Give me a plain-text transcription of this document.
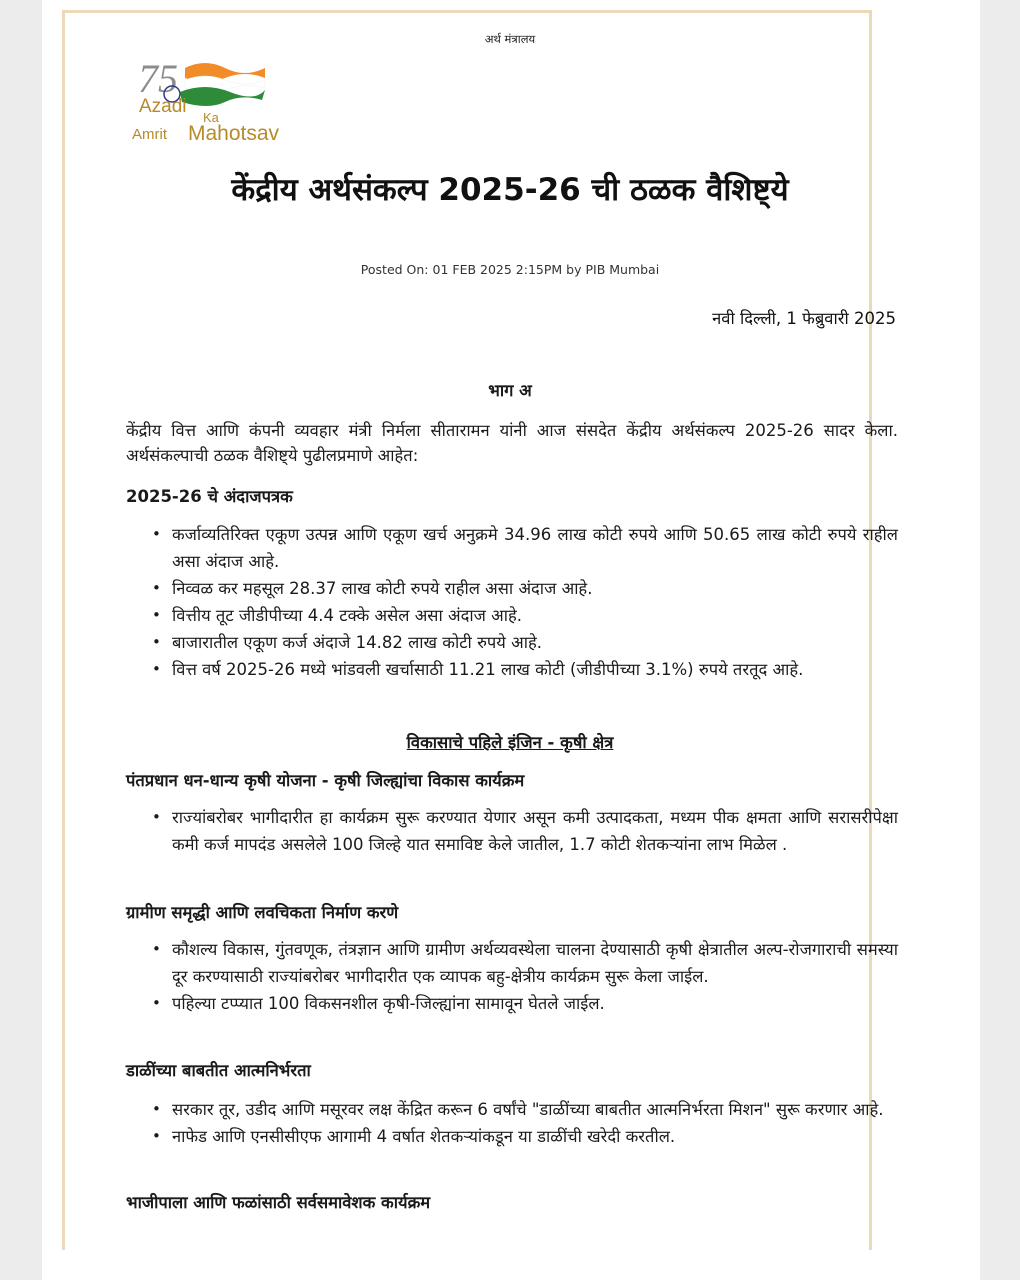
अर्थ मंत्रालय
75
Azadi
Ka
Amrit Mahotsav
केंद्रीय अर्थसंकल्प 2025-26 ची ठळक वैशिष्ट्ये
Posted On: 01 FEB 2025 2:15PM by PIB Mumbai
नवी दिल्ली, 1 फेब्रुवारी 2025
भाग अ
केंद्रीय वित्त आणि कंपनी व्यवहार मंत्री निर्मला सीतारामन यांनी आज संसदेत केंद्रीय अर्थसंकल्प 2025-26 सादर केला. अर्थसंकल्पाची ठळक वैशिष्ट्ये पुढीलप्रमाणे आहेत:
2025-26 चे अंदाजपत्रक
• कर्जाव्यतिरिक्त एकूण उत्पन्न आणि एकूण खर्च अनुक्रमे 34.96 लाख कोटी रुपये आणि 50.65 लाख कोटी रुपये राहील असा अंदाज आहे.
• निव्वळ कर महसूल 28.37 लाख कोटी रुपये राहील असा अंदाज आहे.
• वित्तीय तूट जीडीपीच्या 4.4 टक्के असेल असा अंदाज आहे.
• बाजारातील एकूण कर्ज अंदाजे 14.82 लाख कोटी रुपये आहे.
• वित्त वर्ष 2025-26 मध्ये भांडवली खर्चासाठी 11.21 लाख कोटी (जीडीपीच्या 3.1%) रुपये तरतूद आहे.
विकासाचे पहिले इंजिन - कृषी क्षेत्र
पंतप्रधान धन-धान्य कृषी योजना - कृषी जिल्ह्यांचा विकास कार्यक्रम
• राज्यांबरोबर भागीदारीत हा कार्यक्रम सुरू करण्यात येणार असून कमी उत्पादकता, मध्यम पीक क्षमता आणि सरासरीपेक्षा कमी कर्ज मापदंड असलेले 100 जिल्हे यात समाविष्ट केले जातील, 1.7 कोटी शेतकऱ्यांना लाभ मिळेल .
ग्रामीण समृद्धी आणि लवचिकता निर्माण करणे
• कौशल्य विकास, गुंतवणूक, तंत्रज्ञान आणि ग्रामीण अर्थव्यवस्थेला चालना देण्यासाठी कृषी क्षेत्रातील अल्प-रोजगाराची समस्या दूर करण्यासाठी राज्यांबरोबर भागीदारीत एक व्यापक बहु-क्षेत्रीय कार्यक्रम सुरू केला जाईल.
• पहिल्या टप्प्यात 100 विकसनशील कृषी-जिल्ह्यांना सामावून घेतले जाईल.
डाळींच्या बाबतीत आत्मनिर्भरता
• सरकार तूर, उडीद आणि मसूरवर लक्ष केंद्रित करून 6 वर्षांचे "डाळींच्या बाबतीत आत्मनिर्भरता मिशन" सुरू करणार आहे.
• नाफेड आणि एनसीसीएफ आगामी 4 वर्षात शेतकऱ्यांकडून या डाळींची खरेदी करतील.
भाजीपाला आणि फळांसाठी सर्वसमावेशक कार्यक्रम
